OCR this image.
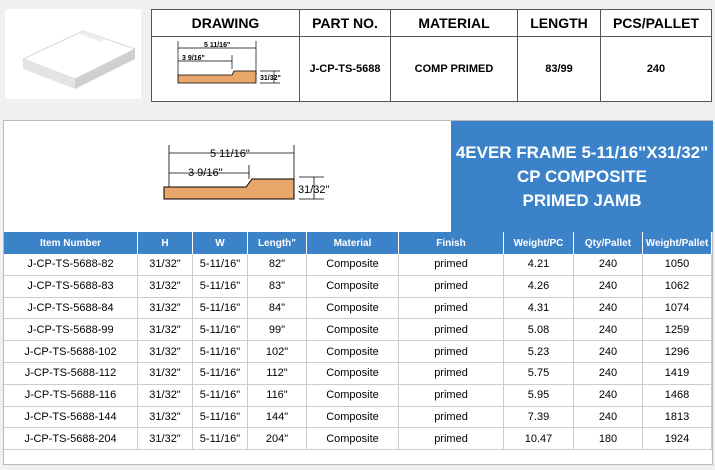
DRAWING	PART NO.	MATERIAL	LENGTH	PCS/PALLET

5 11/16"
3 9/16"
31/32"	J-CP-TS-5688	COMP PRIMED	83/99	240
5 11/16"
3 9/16"
31/32"
4EVER FRAME 5-11/16"X31/32"
CP COMPOSITE
PRIMED JAMB
Item Number	H	W	Length"	Material	Finish	Weight/PC	Qty/Pallet	Weight/Pallet
J-CP-TS-5688-82	31/32"	5-11/16"	82"	Composite	primed	4.21	240	1050
J-CP-TS-5688-83	31/32"	5-11/16"	83"	Composite	primed	4.26	240	1062
J-CP-TS-5688-84	31/32"	5-11/16"	84"	Composite	primed	4.31	240	1074
J-CP-TS-5688-99	31/32"	5-11/16"	99"	Composite	primed	5.08	240	1259
J-CP-TS-5688-102	31/32"	5-11/16"	102"	Composite	primed	5.23	240	1296
J-CP-TS-5688-112	31/32"	5-11/16"	112"	Composite	primed	5.75	240	1419
J-CP-TS-5688-116	31/32"	5-11/16"	116"	Composite	primed	5.95	240	1468
J-CP-TS-5688-144	31/32"	5-11/16"	144"	Composite	primed	7.39	240	1813
J-CP-TS-5688-204	31/32"	5-11/16"	204"	Composite	primed	10.47	180	1924
